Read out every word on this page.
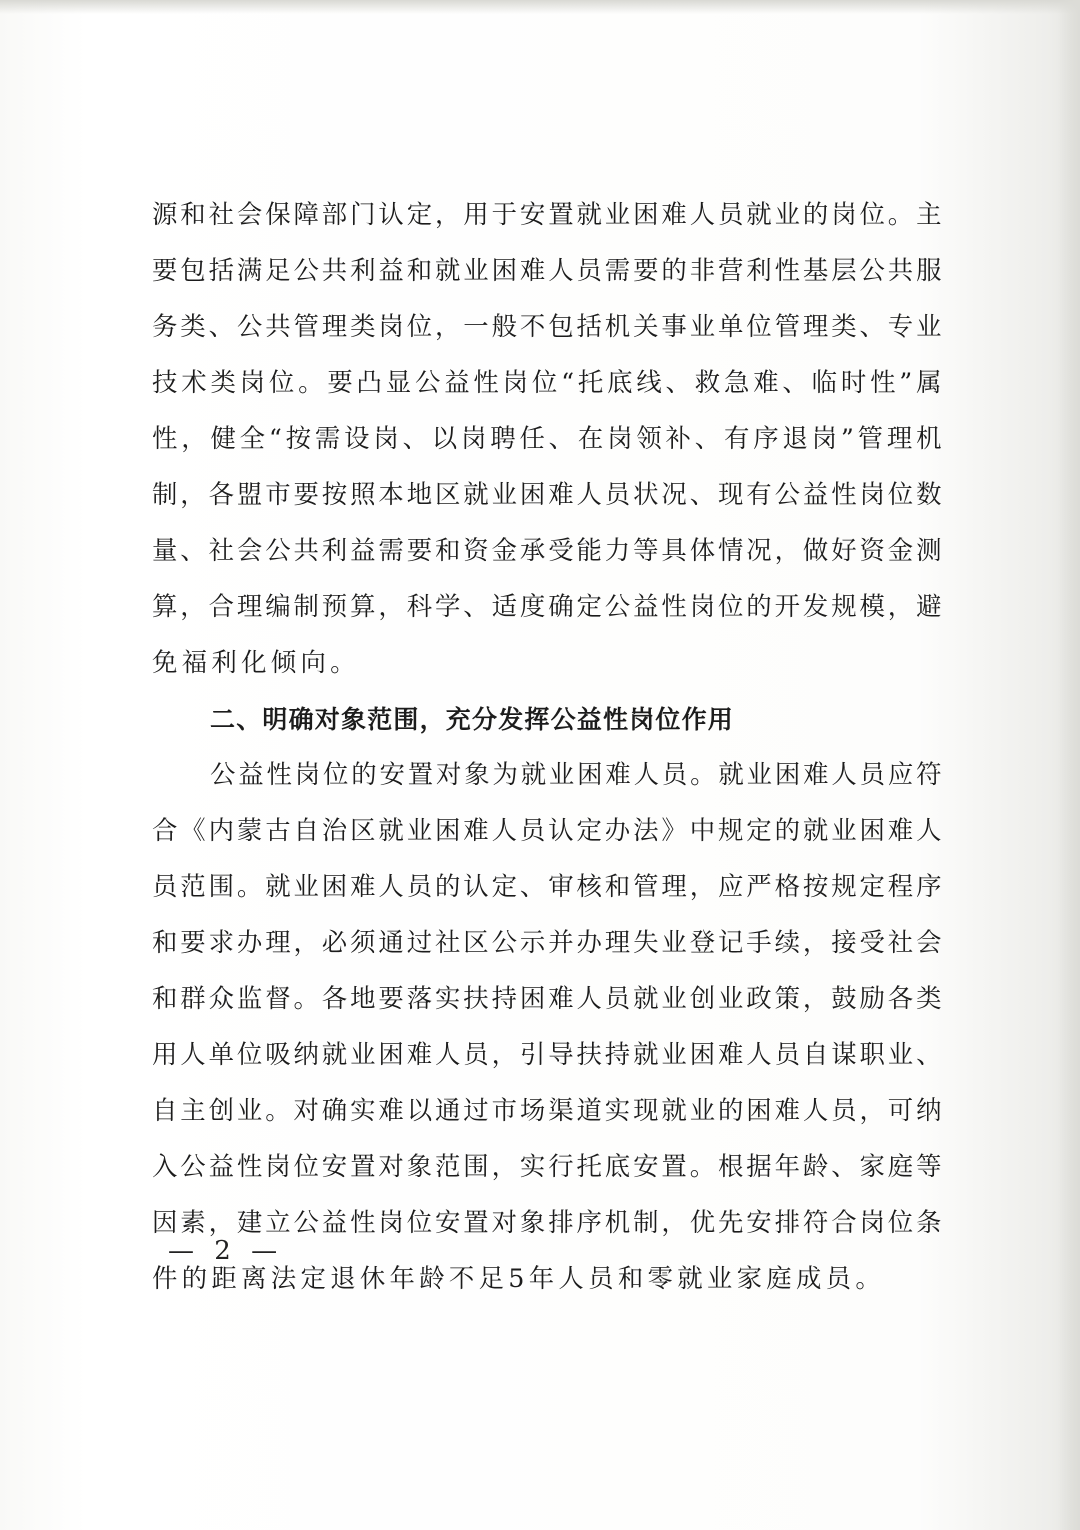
源和社会保障部门认定，用于安置就业困难人员就业的岗位。主
要包括满足公共利益和就业困难人员需要的非营利性基层公共服
务类、公共管理类岗位，一般不包括机关事业单位管理类、专业
技术类岗位。要凸显公益性岗位“托底线、救急难、临时性”属
性，健全“按需设岗、以岗聘任、在岗领补、有序退岗”管理机
制，各盟市要按照本地区就业困难人员状况、现有公益性岗位数
量、社会公共利益需要和资金承受能力等具体情况，做好资金测
算，合理编制预算，科学、适度确定公益性岗位的开发规模，避
免福利化倾向。
二、明确对象范围，充分发挥公益性岗位作用
公益性岗位的安置对象为就业困难人员。就业困难人员应符
合《内蒙古自治区就业困难人员认定办法》中规定的就业困难人
员范围。就业困难人员的认定、审核和管理，应严格按规定程序
和要求办理，必须通过社区公示并办理失业登记手续，接受社会
和群众监督。各地要落实扶持困难人员就业创业政策，鼓励各类
用人单位吸纳就业困难人员，引导扶持就业困难人员自谋职业、
自主创业。对确实难以通过市场渠道实现就业的困难人员，可纳
入公益性岗位安置对象范围，实行托底安置。根据年龄、家庭等
因素，建立公益性岗位安置对象排序机制，优先安排符合岗位条
件的距离法定退休年龄不足5年人员和零就业家庭成员。
— 2 —
